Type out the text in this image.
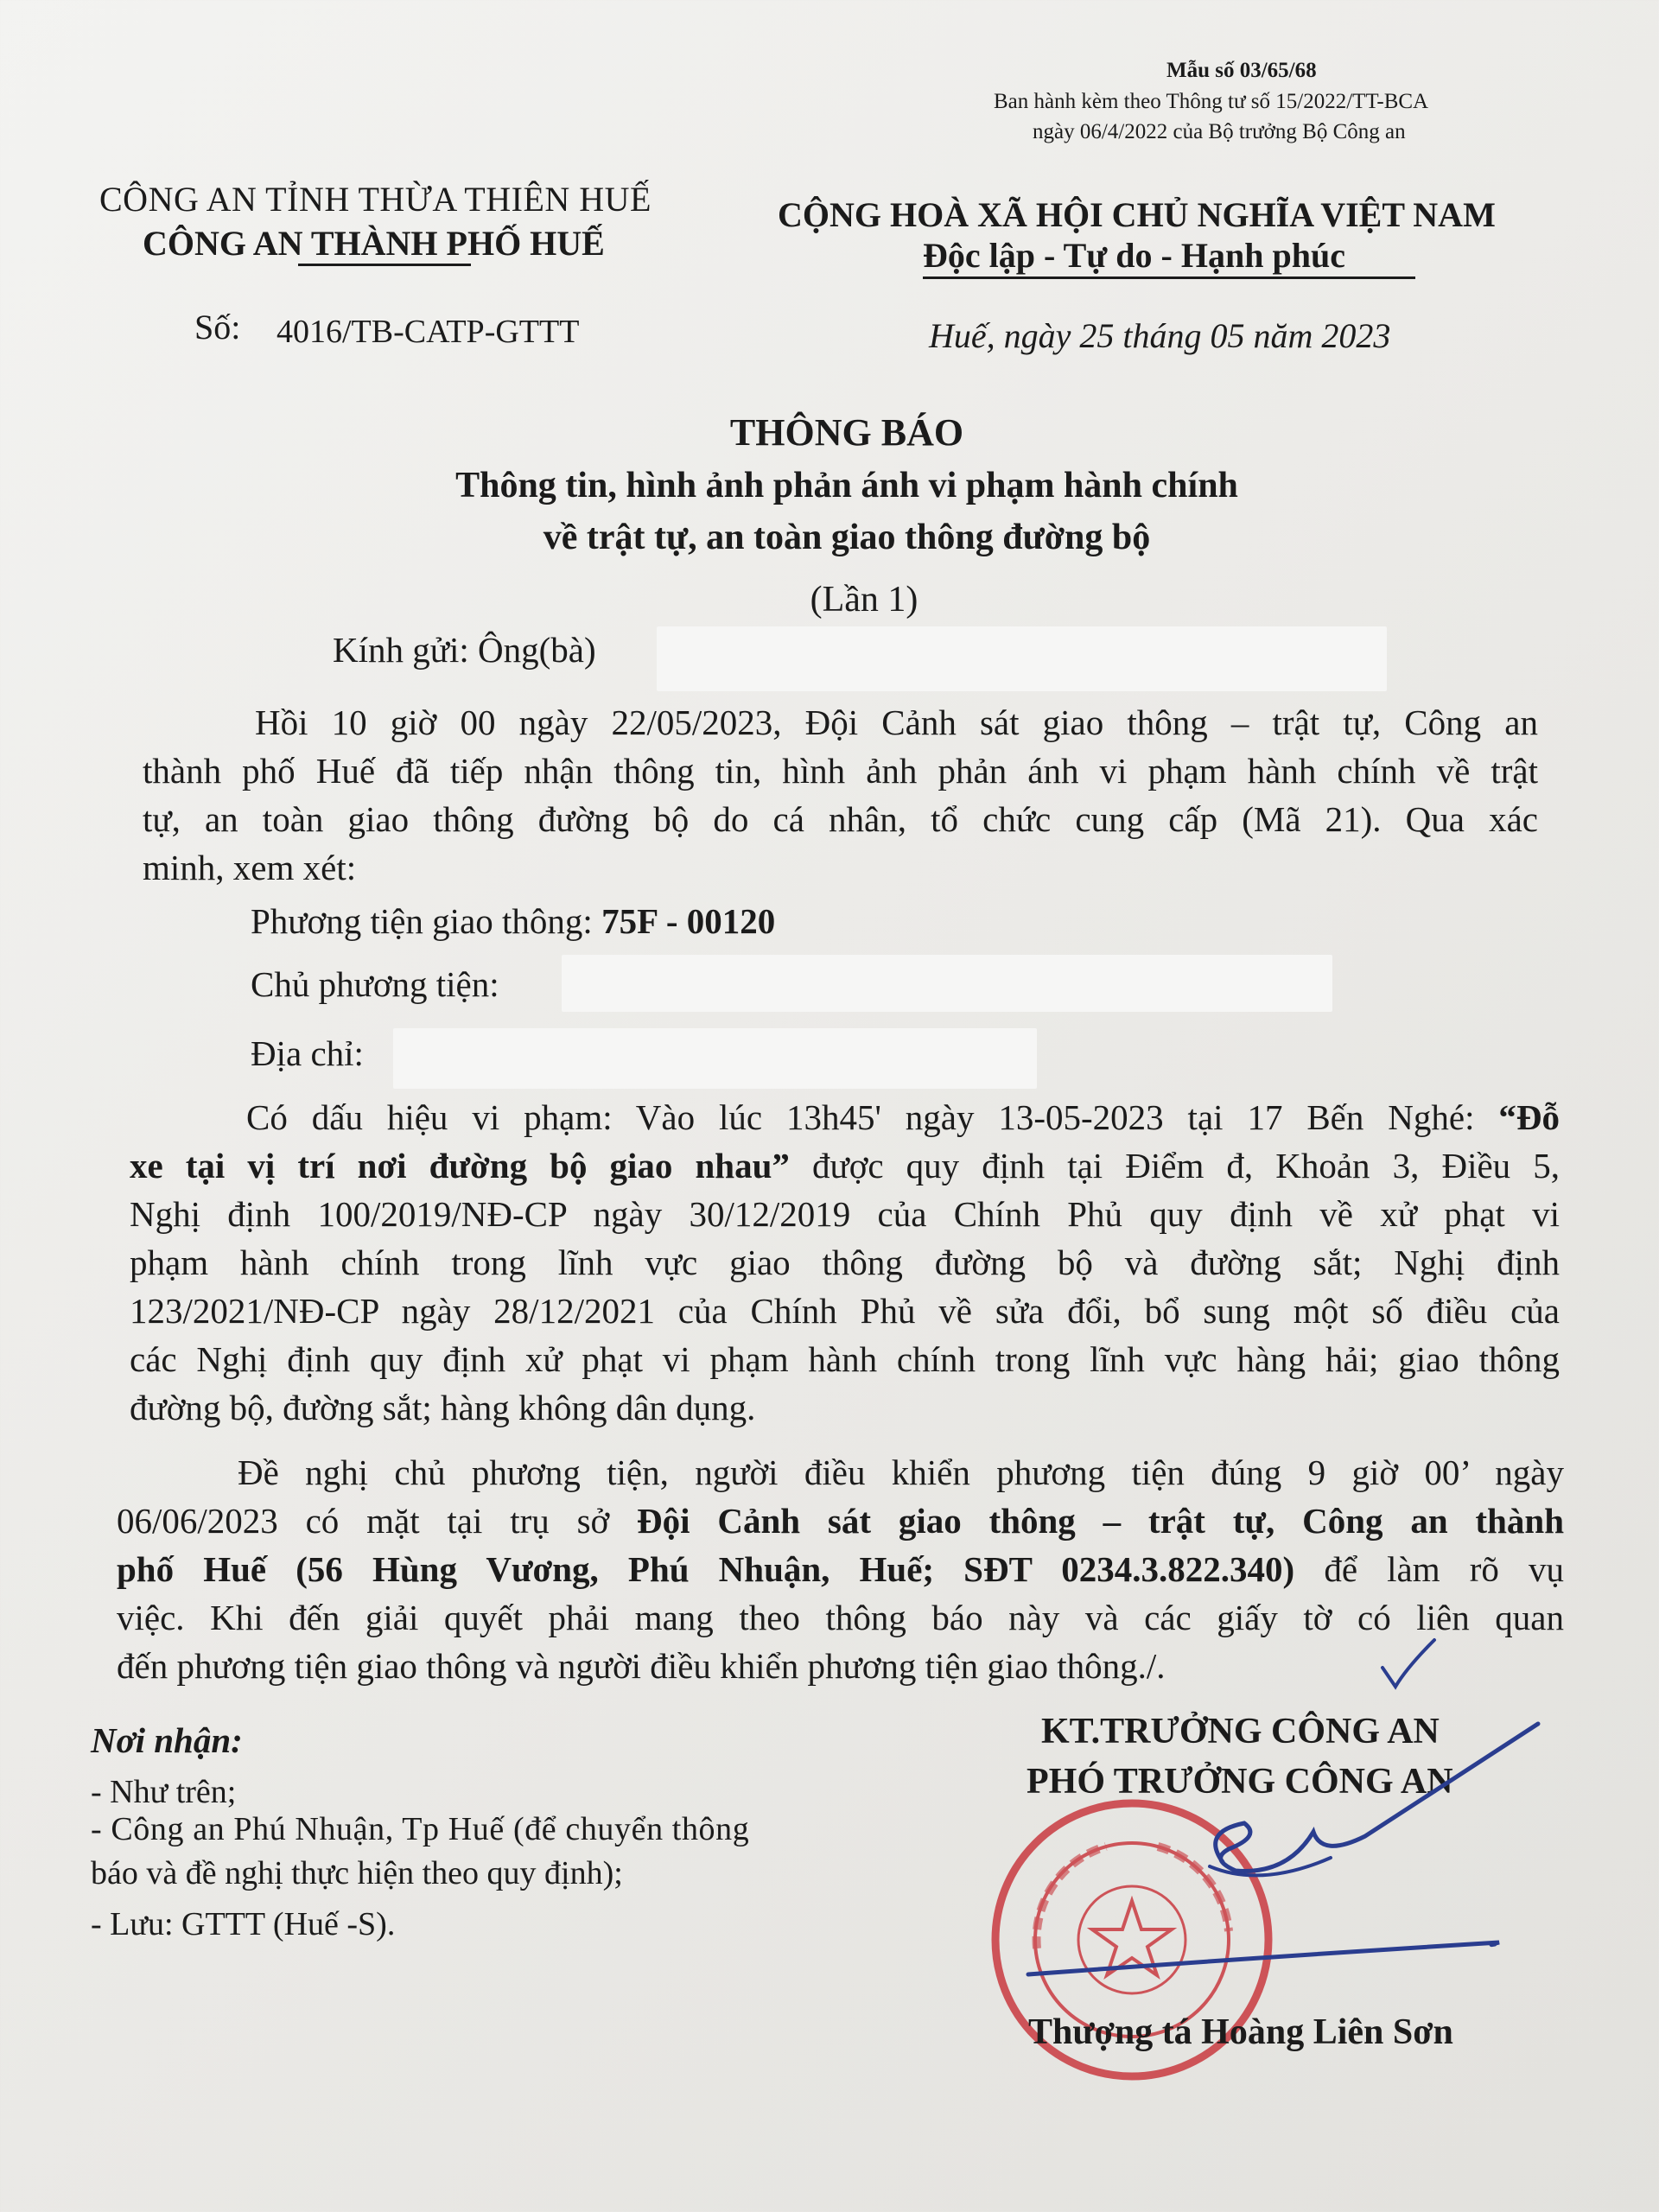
Mẫu số 03/65/68
Ban hành kèm theo Thông tư số 15/2022/TT-BCA
ngày 06/4/2022 của Bộ trưởng Bộ Công an
CÔNG AN TỈNH THỪA THIÊN HUẾ
CÔNG AN THÀNH PHỐ HUẾ
CỘNG HOÀ XÃ HỘI CHỦ NGHĨA VIỆT NAM
Độc lập - Tự do - Hạnh phúc
Số: 4016/TB-CATP-GTTT	Huế, ngày 25 tháng 05 năm 2023
THÔNG BÁO
Thông tin, hình ảnh phản ánh vi phạm hành chính
về trật tự, an toàn giao thông đường bộ
(Lần 1)
Kính gửi: Ông(bà)
Hồi 10 giờ 00 ngày 22/05/2023, Đội Cảnh sát giao thông – trật tự, Công an
thành phố Huế đã tiếp nhận thông tin, hình ảnh phản ánh vi phạm hành chính về trật
tự, an toàn giao thông đường bộ do cá nhân, tổ chức cung cấp (Mã 21). Qua xác
minh, xem xét:
Phương tiện giao thông: 75F - 00120
Chủ phương tiện:
Địa chỉ:
Có dấu hiệu vi phạm: Vào lúc 13h45' ngày 13-05-2023 tại 17 Bến Nghé: “Đỗ
xe tại vị trí nơi đường bộ giao nhau” được quy định tại Điểm đ, Khoản 3, Điều 5,
Nghị định 100/2019/NĐ-CP ngày 30/12/2019 của Chính Phủ quy định về xử phạt vi
phạm hành chính trong lĩnh vực giao thông đường bộ và đường sắt; Nghị định
123/2021/NĐ-CP ngày 28/12/2021 của Chính Phủ về sửa đổi, bổ sung một số điều của
các Nghị định quy định xử phạt vi phạm hành chính trong lĩnh vực hàng hải; giao thông
đường bộ, đường sắt; hàng không dân dụng.
Đề nghị chủ phương tiện, người điều khiển phương tiện đúng 9 giờ 00’ ngày
06/06/2023 có mặt tại trụ sở Đội Cảnh sát giao thông – trật tự, Công an thành
phố Huế (56 Hùng Vương, Phú Nhuận, Huế; SĐT 0234.3.822.340) để làm rõ vụ
việc. Khi đến giải quyết phải mang theo thông báo này và các giấy tờ có liên quan
đến phương tiện giao thông và người điều khiển phương tiện giao thông./.
Nơi nhận:
- Như trên;
- Công an Phú Nhuận, Tp Huế (để chuyển thông
báo và đề nghị thực hiện theo quy định);
- Lưu: GTTT (Huế -S).
KT.TRƯỞNG CÔNG AN
PHÓ TRƯỞNG CÔNG AN
Thượng tá Hoàng Liên Sơn
